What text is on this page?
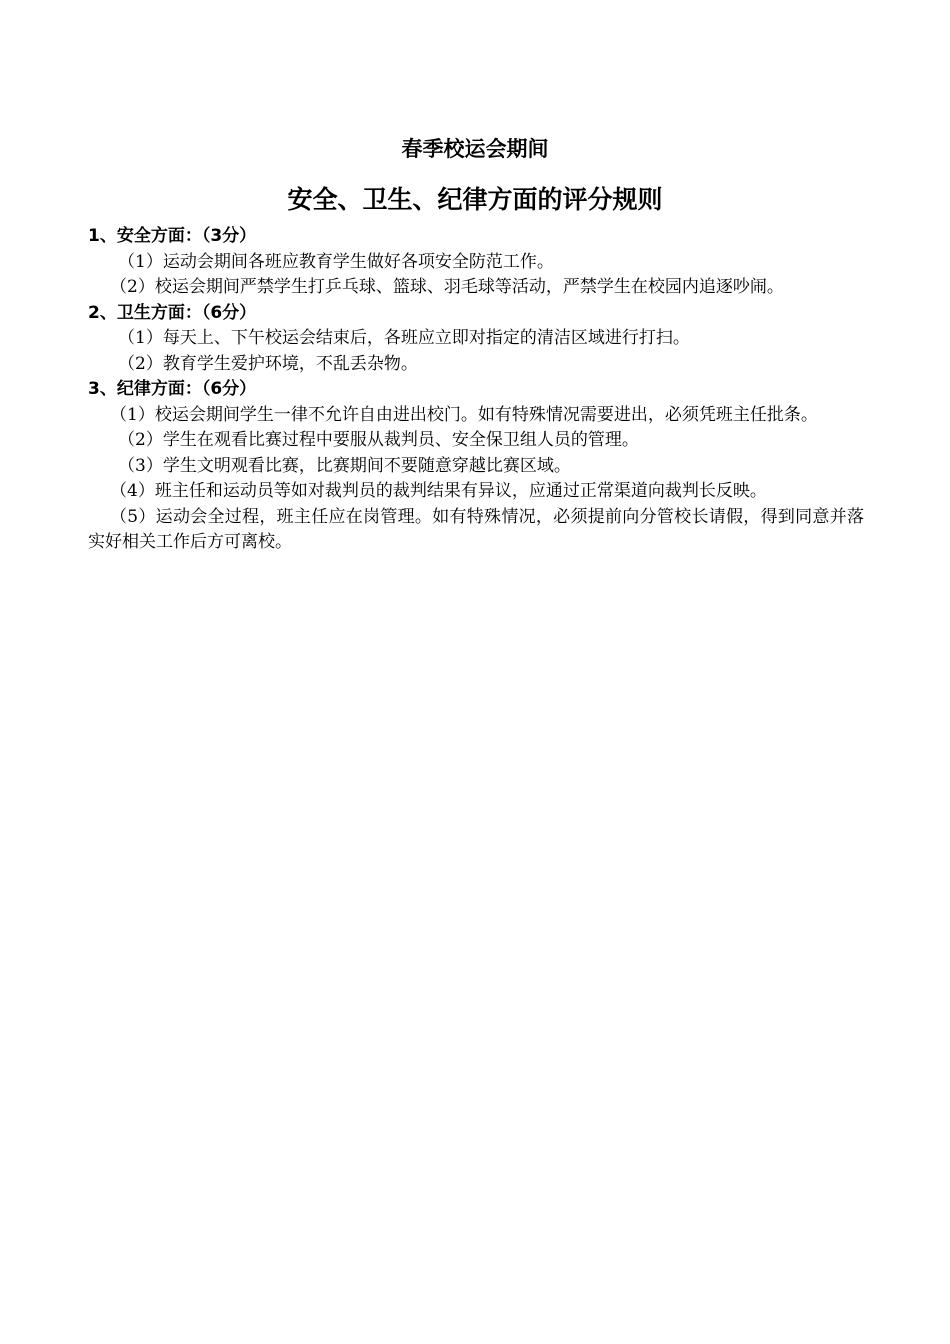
春季校运会期间
安全、卫生、纪律方面的评分规则

1、安全方面：（3分）

（1）运动会期间各班应教育学生做好各项安全防范工作。

（2）校运会期间严禁学生打乒乓球、篮球、羽毛球等活动，严禁学生在校园内追逐吵闹。

2、卫生方面：（6分）

（1）每天上、下午校运会结束后，各班应立即对指定的清洁区域进行打扫。

（2）教育学生爱护环境，不乱丢杂物。

3、纪律方面：（6分）

（1）校运会期间学生一律不允许自由进出校门。如有特殊情况需要进出，必须凭班主任批条。

（2）学生在观看比赛过程中要服从裁判员、安全保卫组人员的管理。

（3）学生文明观看比赛，比赛期间不要随意穿越比赛区域。

（4）班主任和运动员等如对裁判员的裁判结果有异议，应通过正常渠道向裁判长反映。

（5）运动会全过程，班主任应在岗管理。如有特殊情况，必须提前向分管校长请假，得到同意并落实好相关工作后方可离校。
